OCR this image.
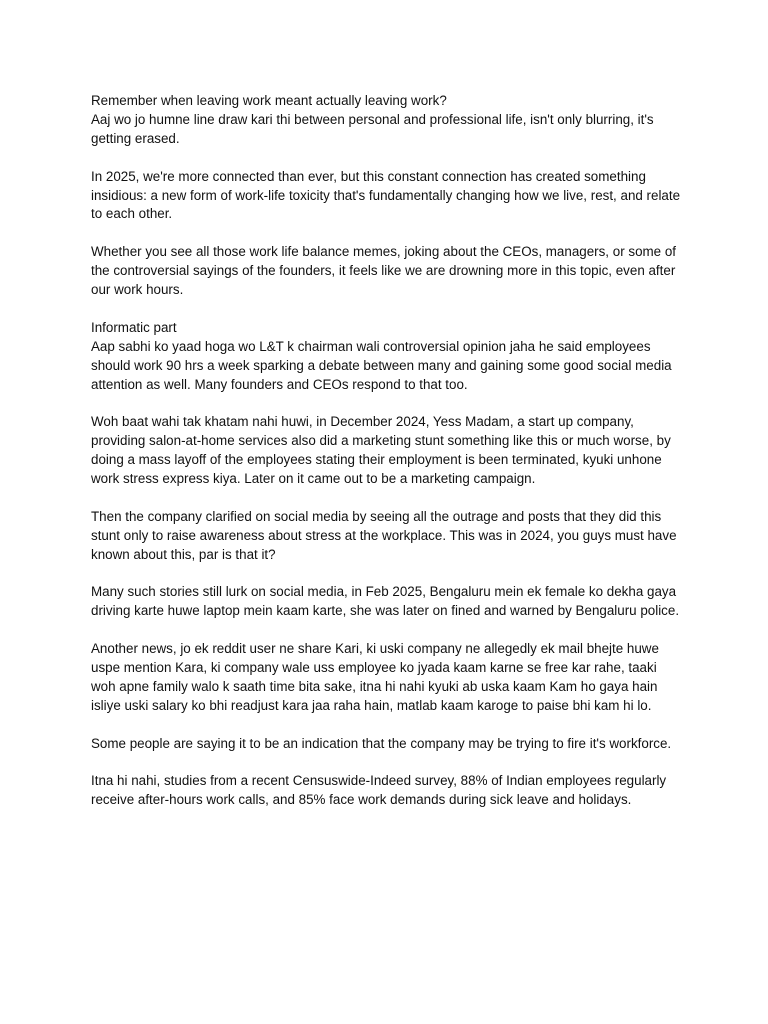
Remember when leaving work meant actually leaving work?
Aaj wo jo humne line draw kari thi between personal and professional life, isn't only blurring, it's getting erased.

In 2025, we're more connected than ever, but this constant connection has created something insidious: a new form of work-life toxicity that's fundamentally changing how we live, rest, and relate to each other.

Whether you see all those work life balance memes, joking about the CEOs, managers, or some of the controversial sayings of the founders, it feels like we are drowning more in this topic, even after our work hours.

Informatic part
Aap sabhi ko yaad hoga wo L&T k chairman wali controversial opinion jaha he said employees should work 90 hrs a week sparking a debate between many and gaining some good social media attention as well. Many founders and CEOs respond to that too.

Woh baat wahi tak khatam nahi huwi, in December 2024, Yess Madam, a start up company, providing salon-at-home services also did a marketing stunt something like this or much worse, by doing a mass layoff of the employees stating their employment is been terminated, kyuki unhone work stress express kiya. Later on it came out to be a marketing campaign.

Then the company clarified on social media by seeing all the outrage and posts that they did this stunt only to raise awareness about stress at the workplace. This was in 2024, you guys must have known about this, par is that it?

Many such stories still lurk on social media, in Feb 2025, Bengaluru mein ek female ko dekha gaya driving karte huwe laptop mein kaam karte, she was later on fined and warned by Bengaluru police.

Another news, jo ek reddit user ne share Kari, ki uski company ne allegedly ek mail bhejte huwe uspe mention Kara, ki company wale uss employee ko jyada kaam karne se free kar rahe, taaki woh apne family walo k saath time bita sake, itna hi nahi kyuki ab uska kaam Kam ho gaya hain isliye uski salary ko bhi readjust kara jaa raha hain, matlab kaam karoge to paise bhi kam hi lo.

Some people are saying it to be an indication that the company may be trying to fire it's workforce.

Itna hi nahi, studies from a recent Censuswide-Indeed survey, 88% of Indian employees regularly receive after-hours work calls, and 85% face work demands during sick leave and holidays.
